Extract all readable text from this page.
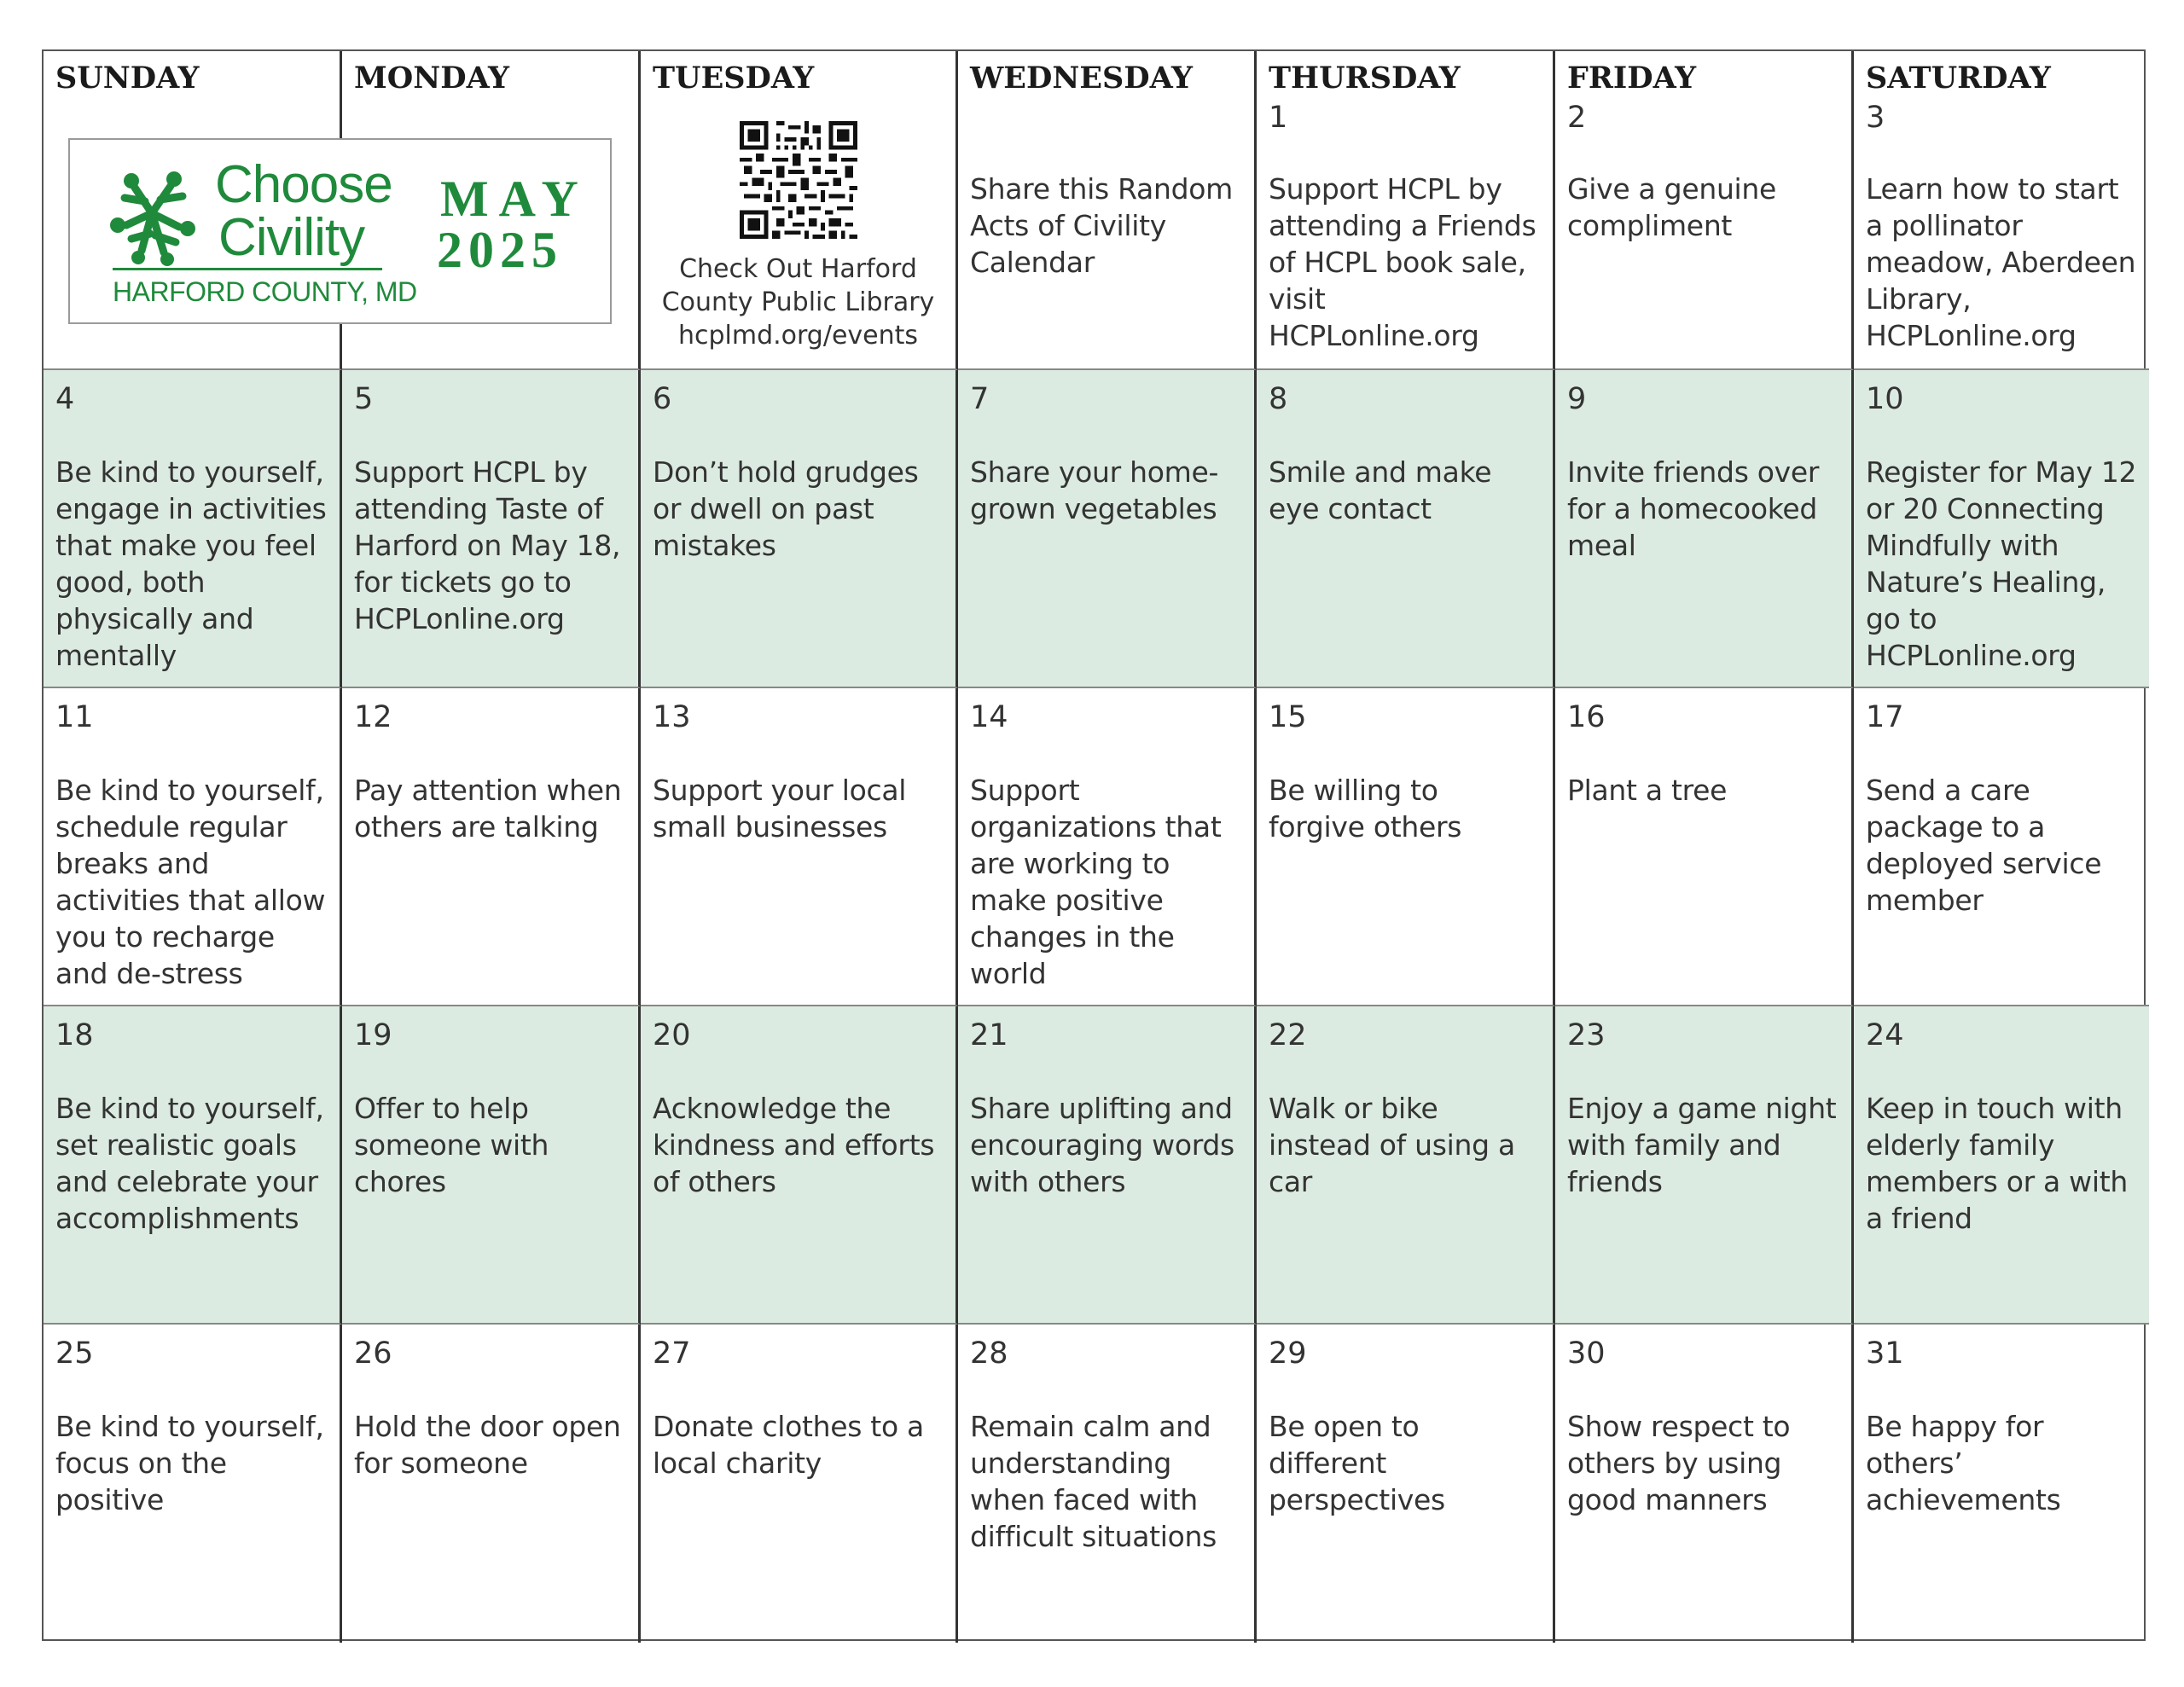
SUNDAY	MONDAY	TUESDAY
Check Out Harford
County Public Library
hcplmd.org/events
WEDNESDAY
Share this Random Acts of Civility Calendar
THURSDAY
1
Support HCPL by attending a Friends of HCPL book sale, visit HCPLonline.org
FRIDAY
2
Give a genuine compliment
SATURDAY
3
Learn how to start a pollinator meadow, Aberdeen Library, HCPLonline.org
4
Be kind to yourself, engage in activities that make you feel good, both physically and mentally
5
Support HCPL by attending Taste of Harford on May 18, for tickets go to HCPLonline.org
6
Don’t hold grudges or dwell on past mistakes
7
Share your home-grown vegetables
8
Smile and make eye contact
9
Invite friends over for a homecooked meal
10
Register for May 12 or 20 Connecting Mindfully with Nature’s Healing, go to HCPLonline.org
11
Be kind to yourself, schedule regular breaks and activities that allow you to recharge and de-stress
12
Pay attention when others are talking
13
Support your local small businesses
14
Support organizations that are working to make positive changes in the world
15
Be willing to forgive others
16
Plant a tree
17
Send a care package to a deployed service member
18
Be kind to yourself, set realistic goals and celebrate your accomplishments
19
Offer to help someone with chores
20
Acknowledge the kindness and efforts of others
21
Share uplifting and encouraging words with others
22
Walk or bike instead of using a car
23
Enjoy a game night with family and friends
24
Keep in touch with elderly family members or a with a friend
25
Be kind to yourself, focus on the positive
26
Hold the door open for someone
27
Donate clothes to a local charity
28
Remain calm and understanding when faced with difficult situations
29
Be open to different perspectives
30
Show respect to others by using good manners
31
Be happy for others’ achievements
Choose
Civility
HARFORD COUNTY, MD
MAY
2025
